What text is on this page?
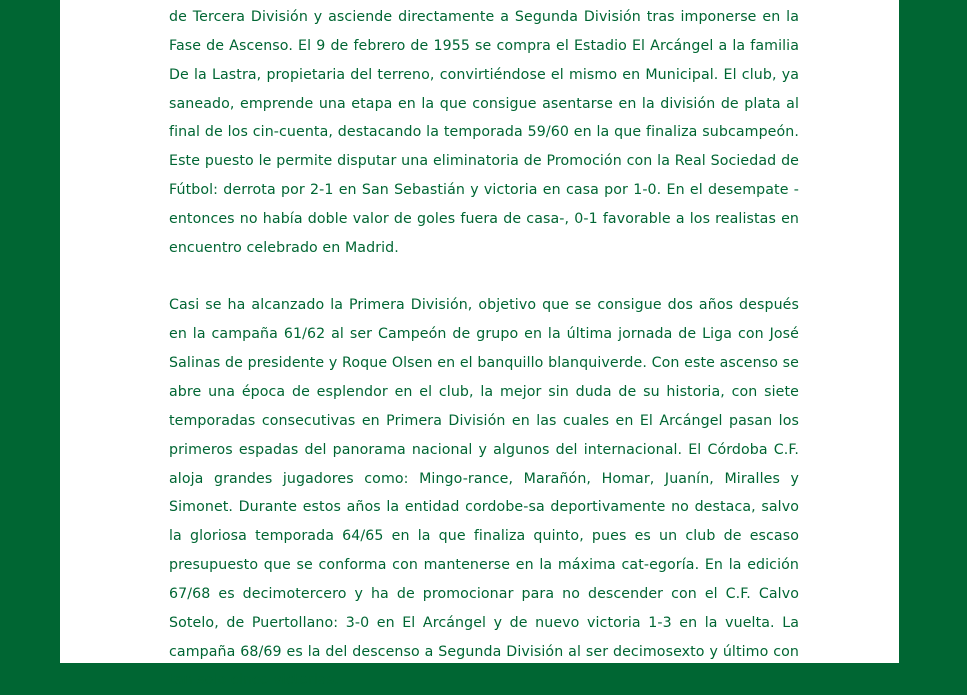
de Tercera División y asciende directamente a Segunda División tras imponerse en la Fase de Ascenso. El 9 de febrero de 1955 se compra el Estadio El Arcángel a la familia De la Lastra, propietaria del terreno, convirtiéndose el mismo en Municipal. El club, ya saneado, emprende una etapa en la que consigue asentarse en la división de plata al final de los cin-cuenta, destacando la temporada 59/60 en la que finaliza subcampeón. Este puesto le permite disputar una eliminatoria de Promoción con la Real Sociedad de Fútbol: derrota por 2-1 en San Sebastián y victoria en casa por 1-0. En el desempate -entonces no había doble valor de goles fuera de casa-, 0-1 favorable a los realistas en encuentro celebrado en Madrid.

Casi se ha alcanzado la Primera División, objetivo que se consigue dos años después en la campaña 61/62 al ser Campeón de grupo en la última jornada de Liga con José Salinas de presidente y Roque Olsen en el banquillo blanquiverde. Con este ascenso se abre una época de esplendor en el club, la mejor sin duda de su historia, con siete temporadas consecutivas en Primera División en las cuales en El Arcángel pasan los primeros espadas del panorama nacional y algunos del internacional. El Córdoba C.F. aloja grandes jugadores como: Mingo-rance, Marañón, Homar, Juanín, Miralles y Simonet. Durante estos años la entidad cordobe-sa deportivamente no destaca, salvo la gloriosa temporada 64/65 en la que finaliza quinto, pues es un club de escaso presupuesto que se conforma con mantenerse en la máxima cat-egoría. En la edición 67/68 es decimotercero y ha de promocionar para no descender con el C.F. Calvo Sotelo, de Puertollano: 3-0 en El Arcángel y de nuevo victoria 1-3 en la vuelta. La campaña 68/69 es la del descenso a Segunda División al ser decimosexto y último con tan solo cinco victorias.
